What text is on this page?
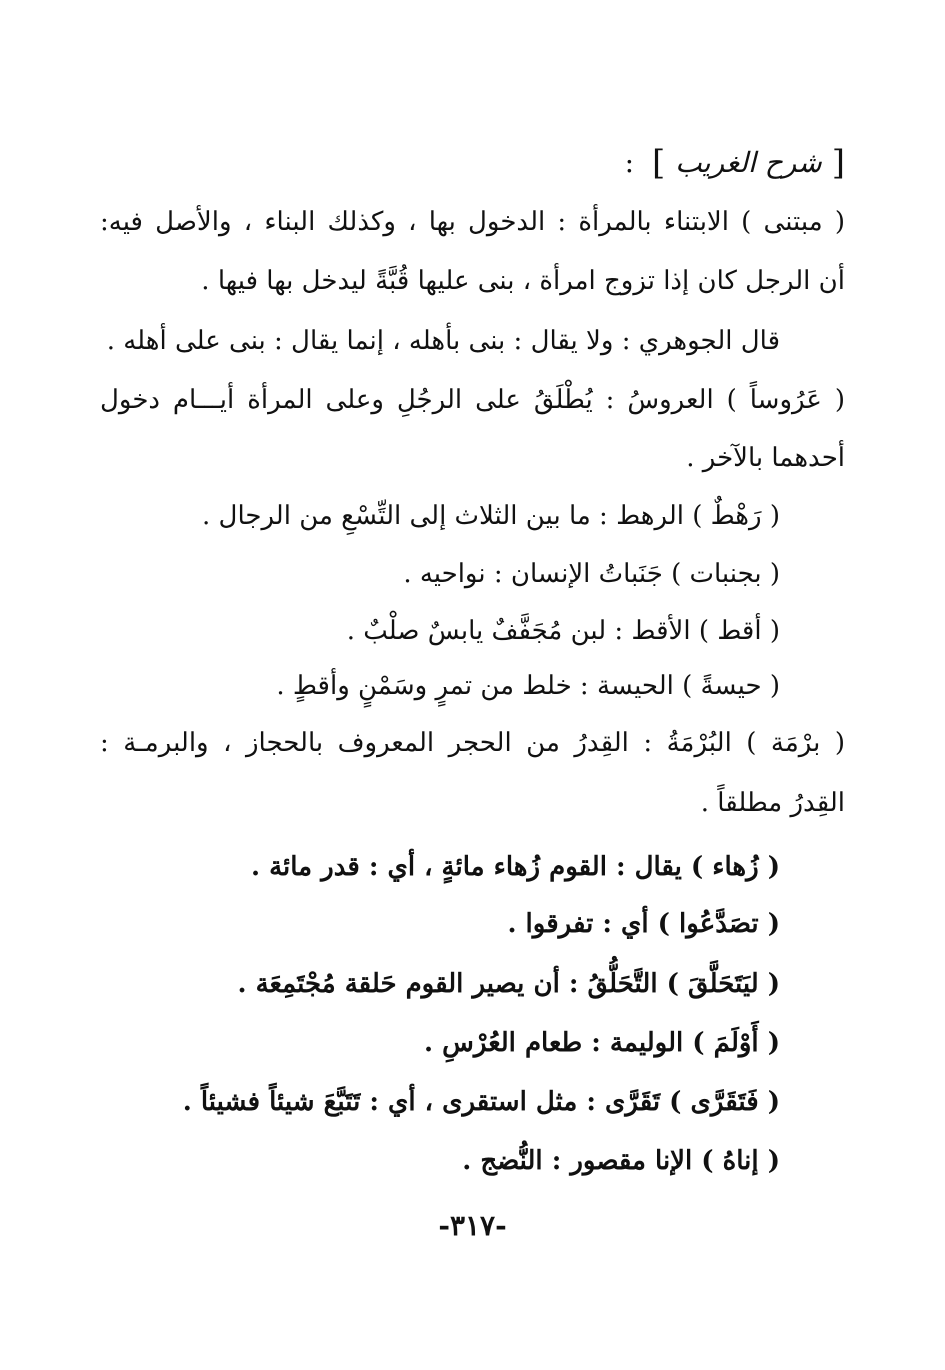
[
شرح الغريب
]
:
( مبتنى ) الابتناء بالمرأة : الدخول بها ، وكذلك البناء ، والأصل فيه:
أن الرجل كان إذا تزوج امرأة ، بنى عليها قُبَّةً ليدخل بها فيها .
قال الجوهري : ولا يقال : بنى بأهله ، إنما يقال : بنى على أهله .
( عَرُوساً ) العروسُ : يُطْلَقُ على الرجُلِ وعلى المرأة أيـــام دخول
أحدهما بالآخر .
( رَهْطٌ ) الرهط : ما بين الثلاث إلى التِّسْعِ من الرجال .
( بجنبات ) جَنَباتُ الإنسان : نواحيه .
( أقط ) الأقط : لبن مُجَفَّفٌ يابسٌ صلْبٌ .
( حيسةً ) الحيسة : خلط من تمرٍ وسَمْنٍ وأقطٍ .
( برْمَة ) البُرْمَةُ : القِدرُ من الحجر المعروف بالحجاز ، والبرمـة :
القِدرُ مطلقاً .
( زُهاء ) يقال : القوم زُهاء مائةٍ ، أي : قدر مائة .
( تصَدَّعُوا ) أي : تفرقوا .
( ليَتَحَلَّقَ ) التَّحَلُّقُ : أن يصير القوم حَلقة مُجْتَمِعَة .
( أَوْلَمَ ) الوليمة : طعام العُرْسِ .
( فَتَقَرَّى ) تَقَرَّى : مثل استقرى ، أي : تَتَبَّعَ شيئاً فشيئاً .
( إناهُ ) الإنا مقصور : النُّضج .
-٣١٧-
